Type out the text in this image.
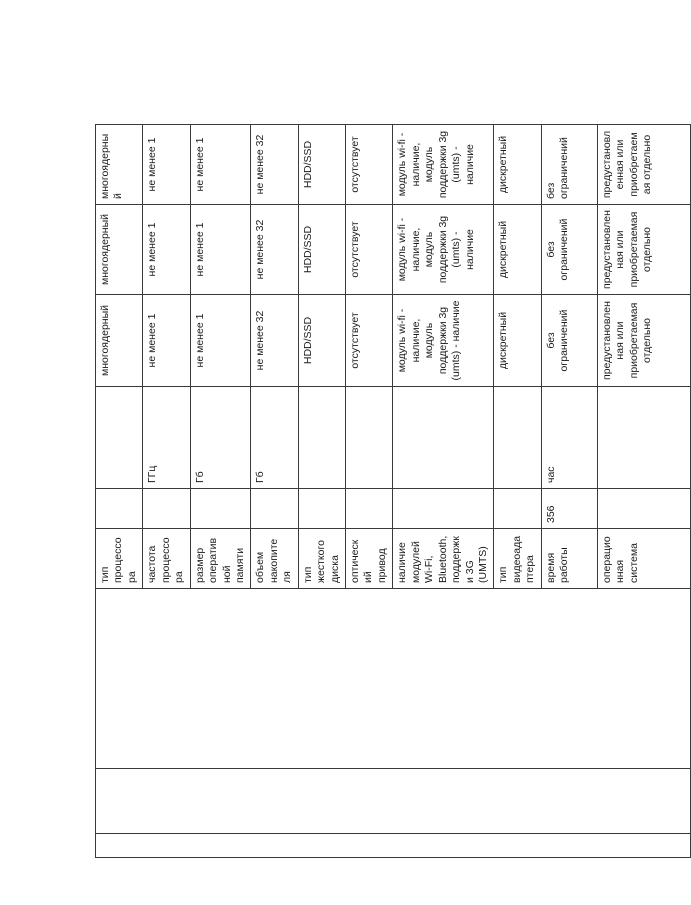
			тип процессора			многоядерный	многоядерный	многоядерный
			частота процессора		ГГц	не менее 1	не менее 1	не менее 1
			размер оперативной памяти		Гб	не менее 1	не менее 1	не менее 1
			объем накопителя		Гб	не менее 32	не менее 32	не менее 32
			тип жесткого диска			HDD/SSD	HDD/SSD	HDD/SSD
			оптический привод			отсутствует	отсутствует	отсутствует
			наличие модулей Wi-Fi, Bluetooth, поддержки 3G (UMTS)			модуль wi-fi - наличие, модуль поддержки 3g (umts) - наличие	модуль wi-fi - наличие, модуль поддержки 3g (umts) - наличие	модуль wi-fi - наличие, модуль поддержки 3g (umts) - наличие
			тип видеоадаптера			дискретный	дискретный	дискретный
			время работы	356	час	без ограничений	без ограничений	без ограничений
			операционная система			предустановленная или приобретаемая отдельно	предустановленная или приобретаемая отдельно	предустановленная или приобретаемая отдельно
